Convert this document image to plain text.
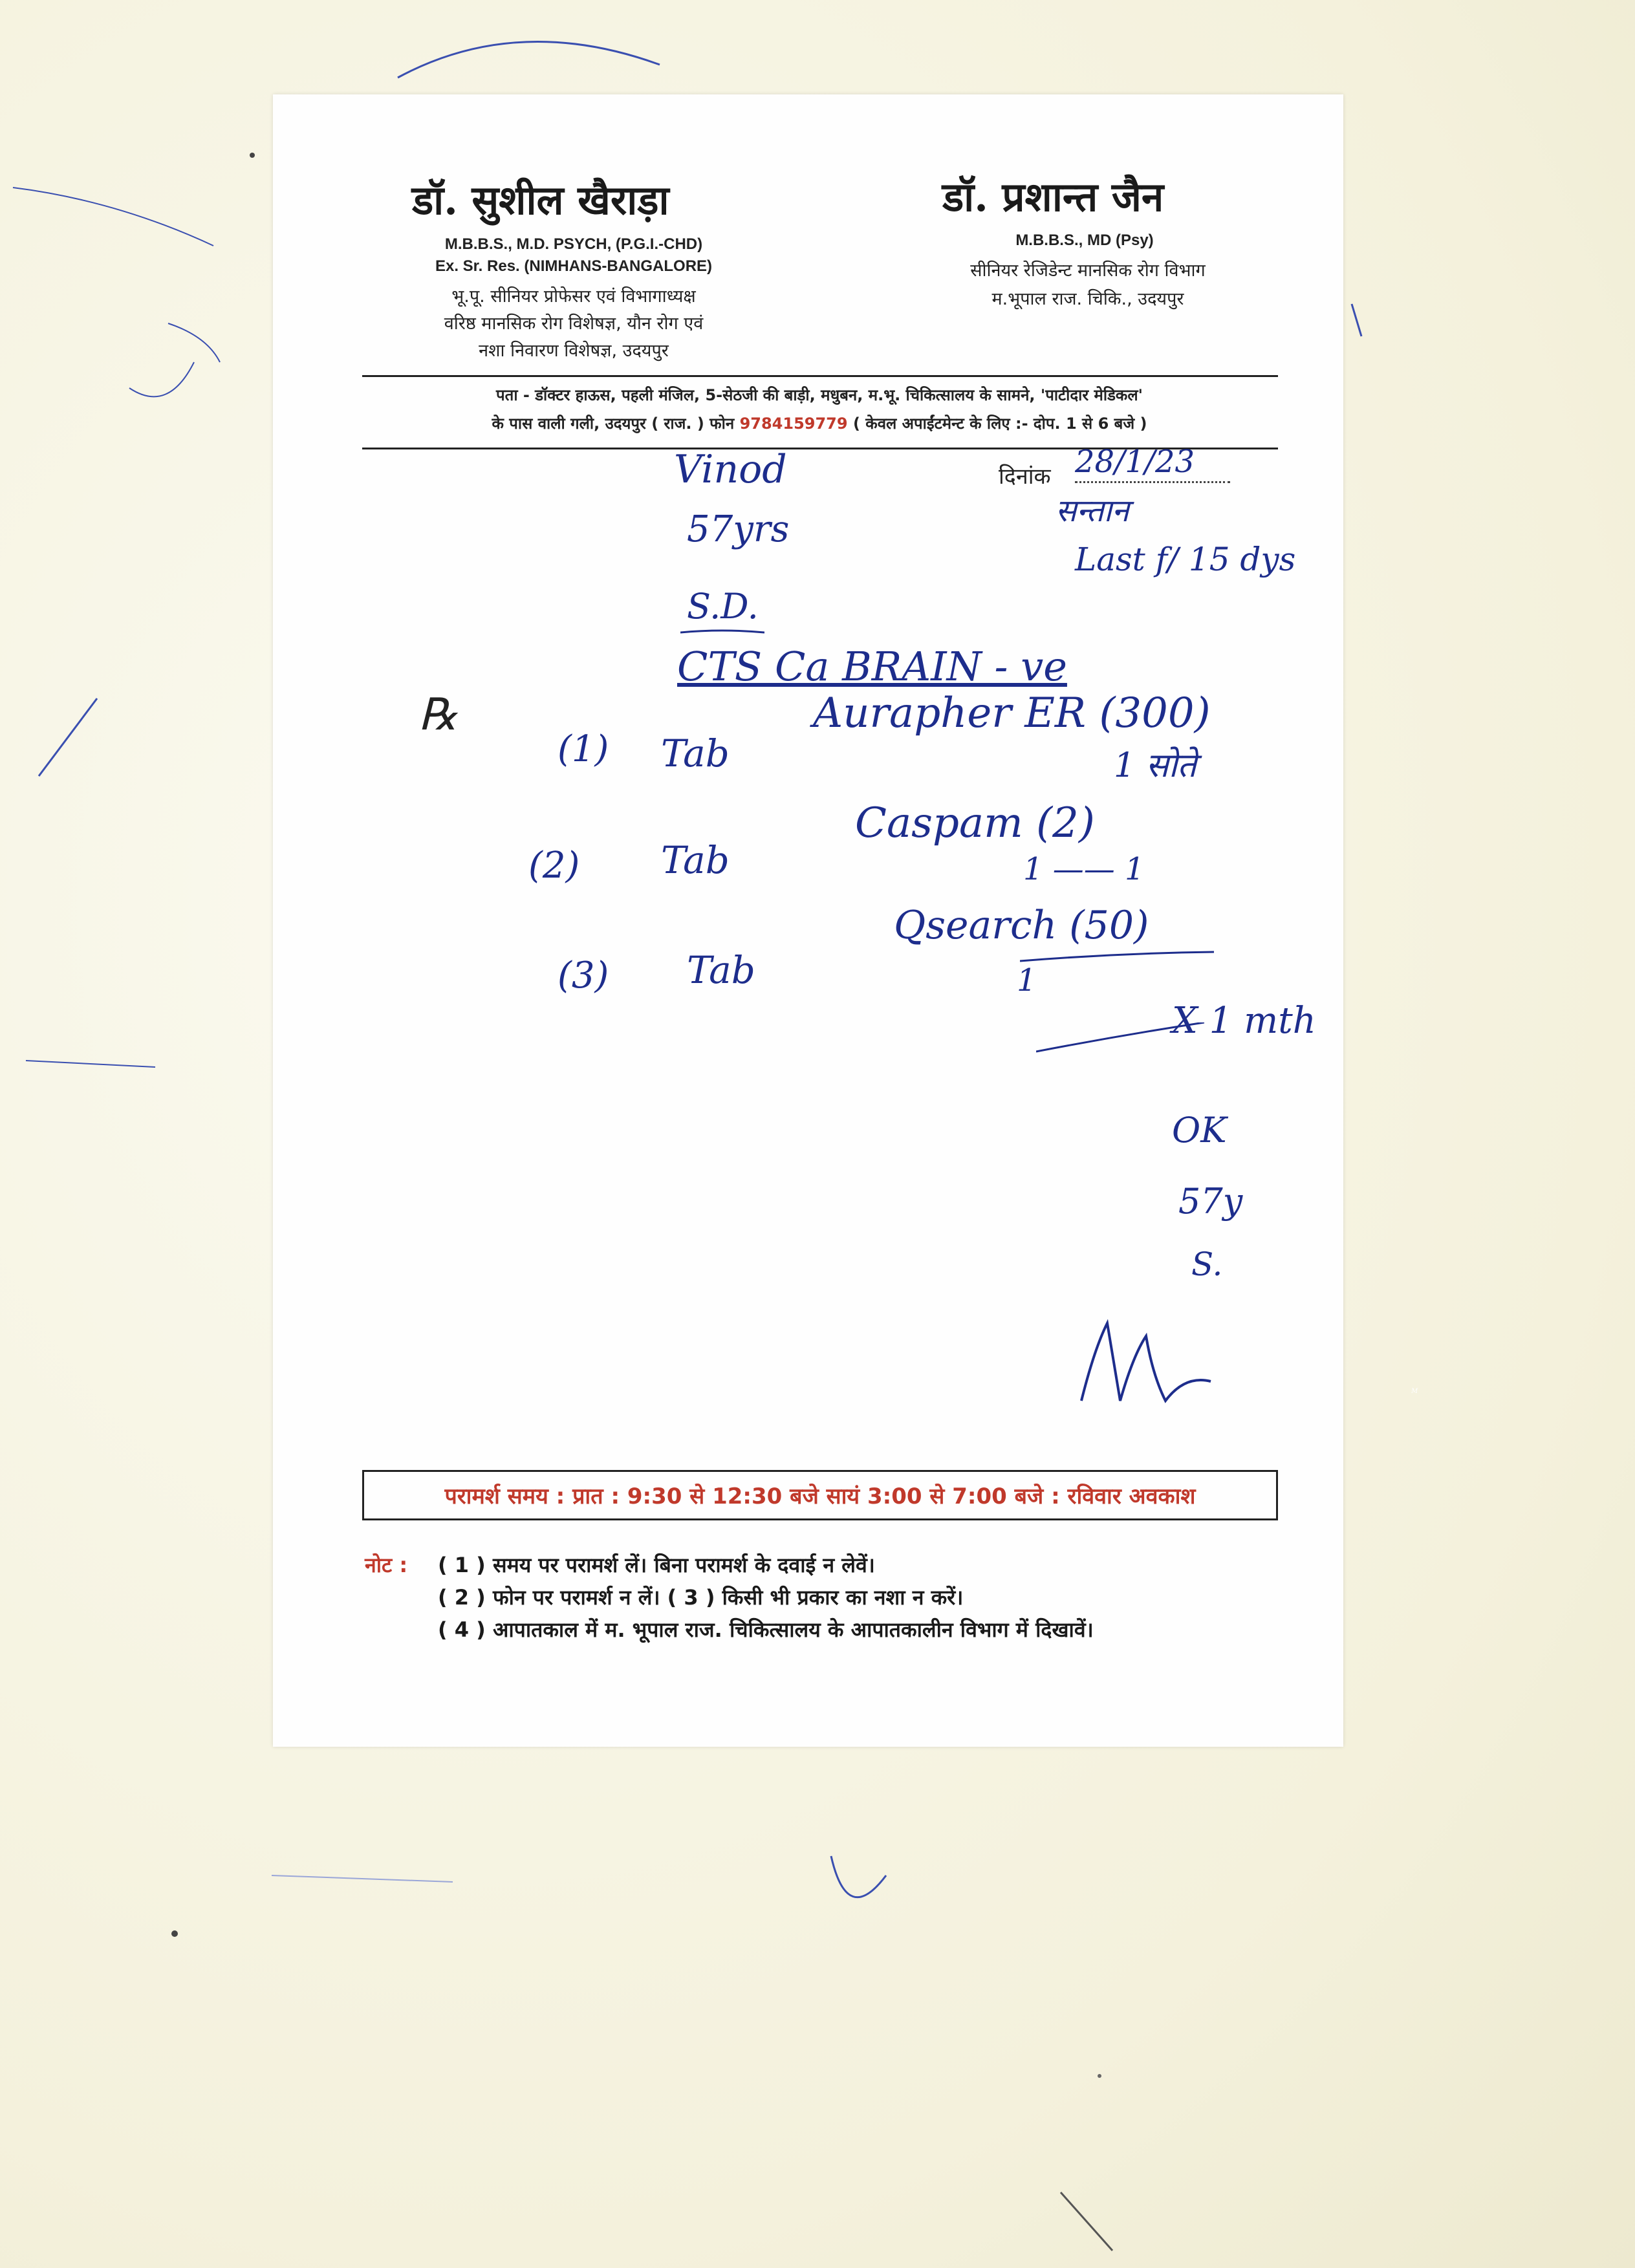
डॉ. सुशील खैराड़ा
M.B.B.S., M.D. PSYCH, (P.G.I.-CHD)
Ex. Sr. Res. (NIMHANS-BANGALORE)
भू.पू. सीनियर प्रोफेसर एवं विभागाध्यक्ष
वरिष्ठ मानसिक रोग विशेषज्ञ, यौन रोग एवं
नशा निवारण विशेषज्ञ, उदयपुर
डॉ. प्रशान्त जैन
M.B.B.S., MD (Psy)
सीनियर रेजिडेन्ट मानसिक रोग विभाग
म.भूपाल राज. चिकि., उदयपुर
पता - डॉक्टर हाऊस, पहली मंजिल, 5-सेठजी की बाड़ी, मधुबन, म.भू. चिकित्सालय के सामने, 'पाटीदार मेडिकल'
के पास वाली गली, उदयपुर ( राज. ) फोन 9784159779 ( केवल अपाईंटमेन्ट के लिए :- दोप. 1 से 6 बजे )
दिनांक 28/1/23
Vinod
57yrs
S.D.
सन्तान
Last f/ 15 dys
CTS Ca BRAIN - ve
℞
(1) Tab
Aurapher ER (300)
1 सोते
(2) Tab
Caspam (2)
1 —— 1
(3) Tab
Qsearch (50)
1
X 1 mth
OK
57y
S.
M
परामर्श समय : प्रात : 9:30 से 12:30 बजे सायं 3:00 से 7:00 बजे : रविवार अवकाश
नोट : ( 1 ) समय पर परामर्श लें। बिना परामर्श के दवाई न लेवें।
( 2 ) फोन पर परामर्श न लें। ( 3 ) किसी भी प्रकार का नशा न करें।
( 4 ) आपातकाल में म. भूपाल राज. चिकित्सालय के आपातकालीन विभाग में दिखावें।
